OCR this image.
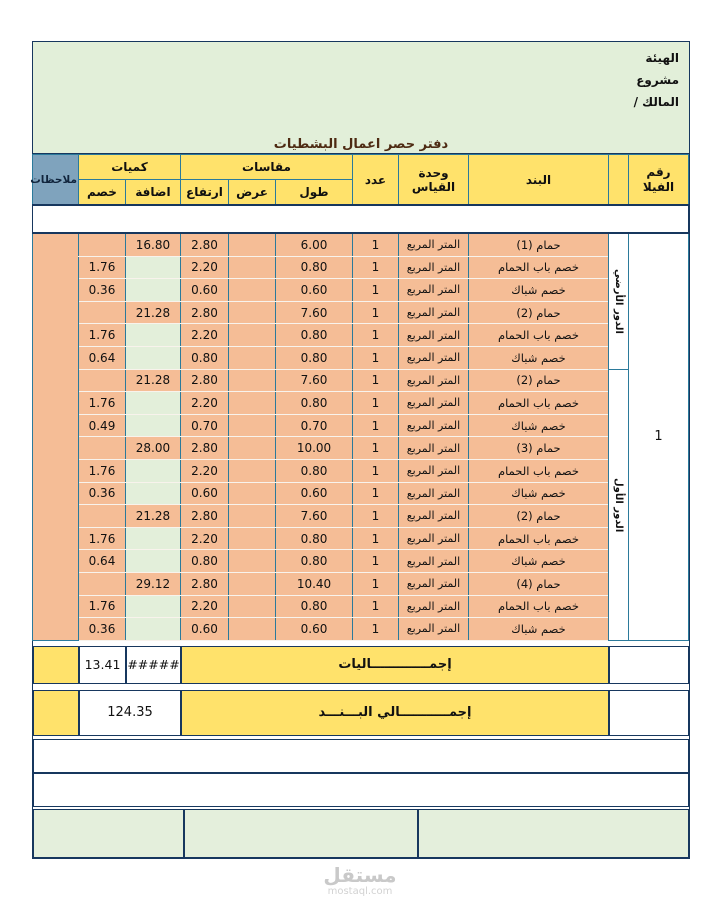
الهيئة
مشروع
المالك /
دفتر حصر اعمال البشطيات
رقم الفيلا		البند	وحدة القياس	عدد	مقاسات			كميات		ملاحظات
					طول	عرض	ارتفاع	اضافة	خصم	

1	الدور الأرضي	حمام (1)	المتر المربع	1	6.00		2.80	16.80		
		خصم باب الحمام	المتر المربع	1	0.80		2.20		1.76	
		خصم شباك	المتر المربع	1	0.60		0.60		0.36	
		حمام (2)	المتر المربع	1	7.60		2.80	21.28		
		خصم باب الحمام	المتر المربع	1	0.80		2.20		1.76	
		خصم شباك	المتر المربع	1	0.80		0.80		0.64	

	الدور الأول	حمام (2)	المتر المربع	1	7.60		2.80	21.28		
		خصم باب الحمام	المتر المربع	1	0.80		2.20		1.76	
		خصم شباك	المتر المربع	1	0.70		0.70		0.49	
		حمام (3)	المتر المربع	1	10.00		2.80	28.00		
		خصم باب الحمام	المتر المربع	1	0.80		2.20		1.76	
		خصم شباك	المتر المربع	1	0.60		0.60		0.36	
		حمام (2)	المتر المربع	1	7.60		2.80	21.28		
		خصم باب الحمام	المتر المربع	1	0.80		2.20		1.76	
		خصم شباك	المتر المربع	1	0.80		0.80		0.64	
		حمام (4)	المتر المربع	1	10.40		2.80	29.12		
		خصم باب الحمام	المتر المربع	1	0.80		2.20		1.76	
		خصم شباك	المتر المربع	1	0.60		0.60		0.36	
إجمـــــــــــــاليات
#####
13.41
إجمـــــــــــالي البـــنـــد
124.35
مستقل
mostaql.com
